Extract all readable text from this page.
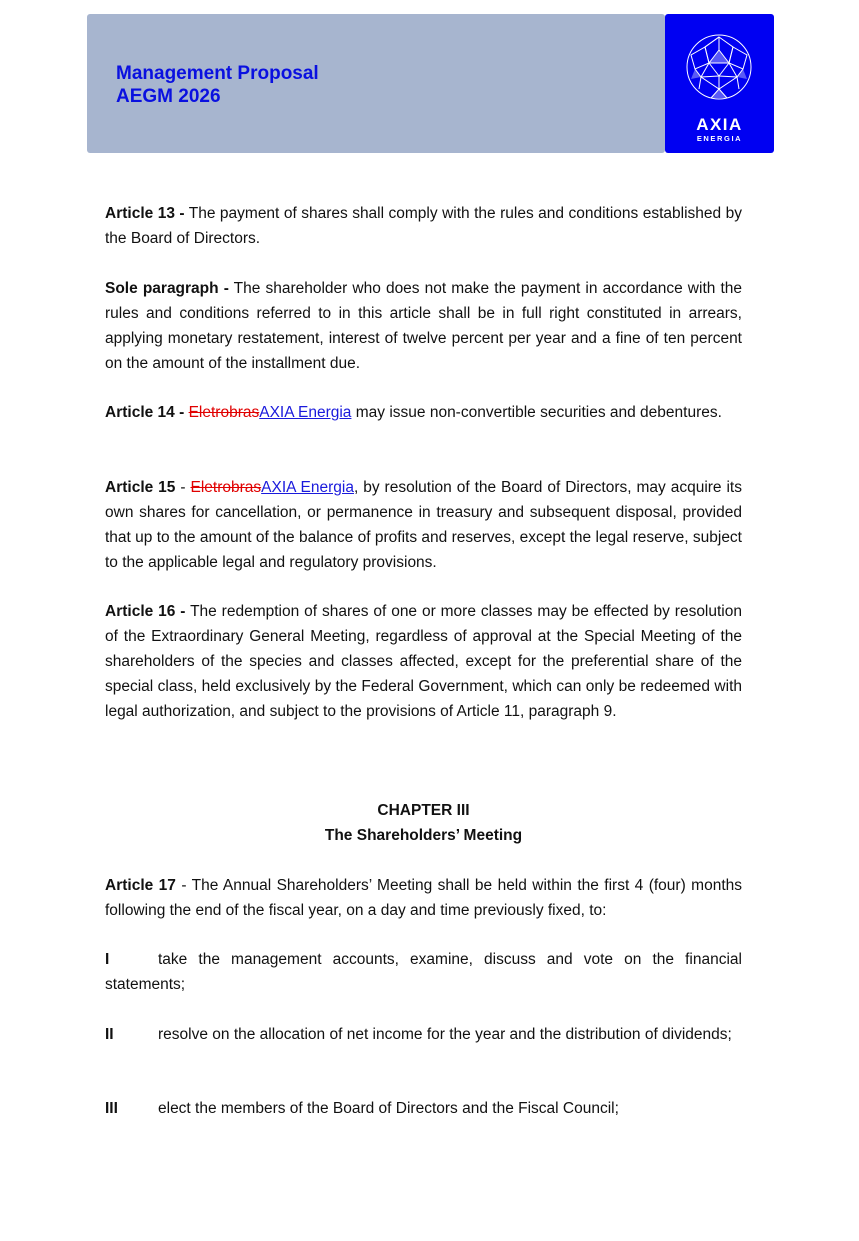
Management Proposal
AEGM 2026
AXIA
ENERGIA
Article 13 - The payment of shares shall comply with the rules and conditions established by the Board of Directors.
Sole paragraph - The shareholder who does not make the payment in accordance with the rules and conditions referred to in this article shall be in full right constituted in arrears, applying monetary restatement, interest of twelve percent per year and a fine of ten percent on the amount of the installment due.
Article 14 - EletrobrasAXIA Energia may issue non-convertible securities and debentures.
Article 15 - EletrobrasAXIA Energia, by resolution of the Board of Directors, may acquire its own shares for cancellation, or permanence in treasury and subsequent disposal, provided that up to the amount of the balance of profits and reserves, except the legal reserve, subject to the applicable legal and regulatory provisions.
Article 16 - The redemption of shares of one or more classes may be effected by resolution of the Extraordinary General Meeting, regardless of approval at the Special Meeting of the shareholders of the species and classes affected, except for the preferential share of the special class, held exclusively by the Federal Government, which can only be redeemed with legal authorization, and subject to the provisions of Article 11, paragraph 9.
CHAPTER III
The Shareholders’ Meeting
Article 17 - The Annual Shareholders’ Meeting shall be held within the first 4 (four) months following the end of the fiscal year, on a day and time previously fixed, to:
I	take the management accounts, examine, discuss and vote on the financial statements;
II	resolve on the allocation of net income for the year and the distribution of dividends;
III	elect the members of the Board of Directors and the Fiscal Council;
